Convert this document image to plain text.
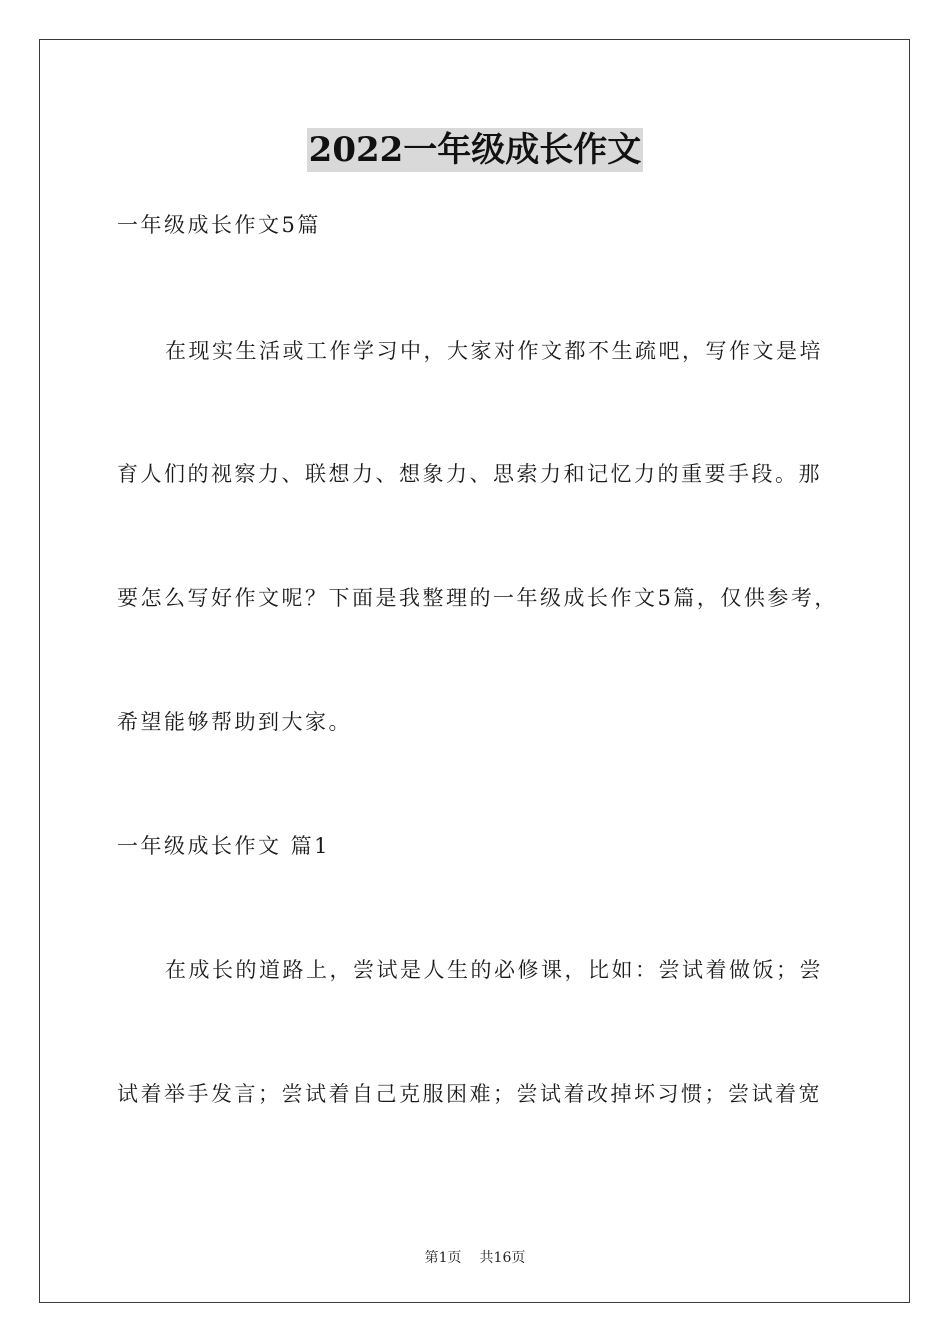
2022一年级成长作文
一年级成长作文5篇
在现实生活或工作学习中，大家对作文都不生疏吧，写作文是培
育人们的视察力、联想力、想象力、思索力和记忆力的重要手段。那
要怎么写好作文呢？下面是我整理的一年级成长作文5篇，仅供参考，
希望能够帮助到大家。
一年级成长作文 篇1
在成长的道路上，尝试是人生的必修课，比如：尝试着做饭；尝
试着举手发言；尝试着自己克服困难；尝试着改掉坏习惯；尝试着宽
第1页 共16页
